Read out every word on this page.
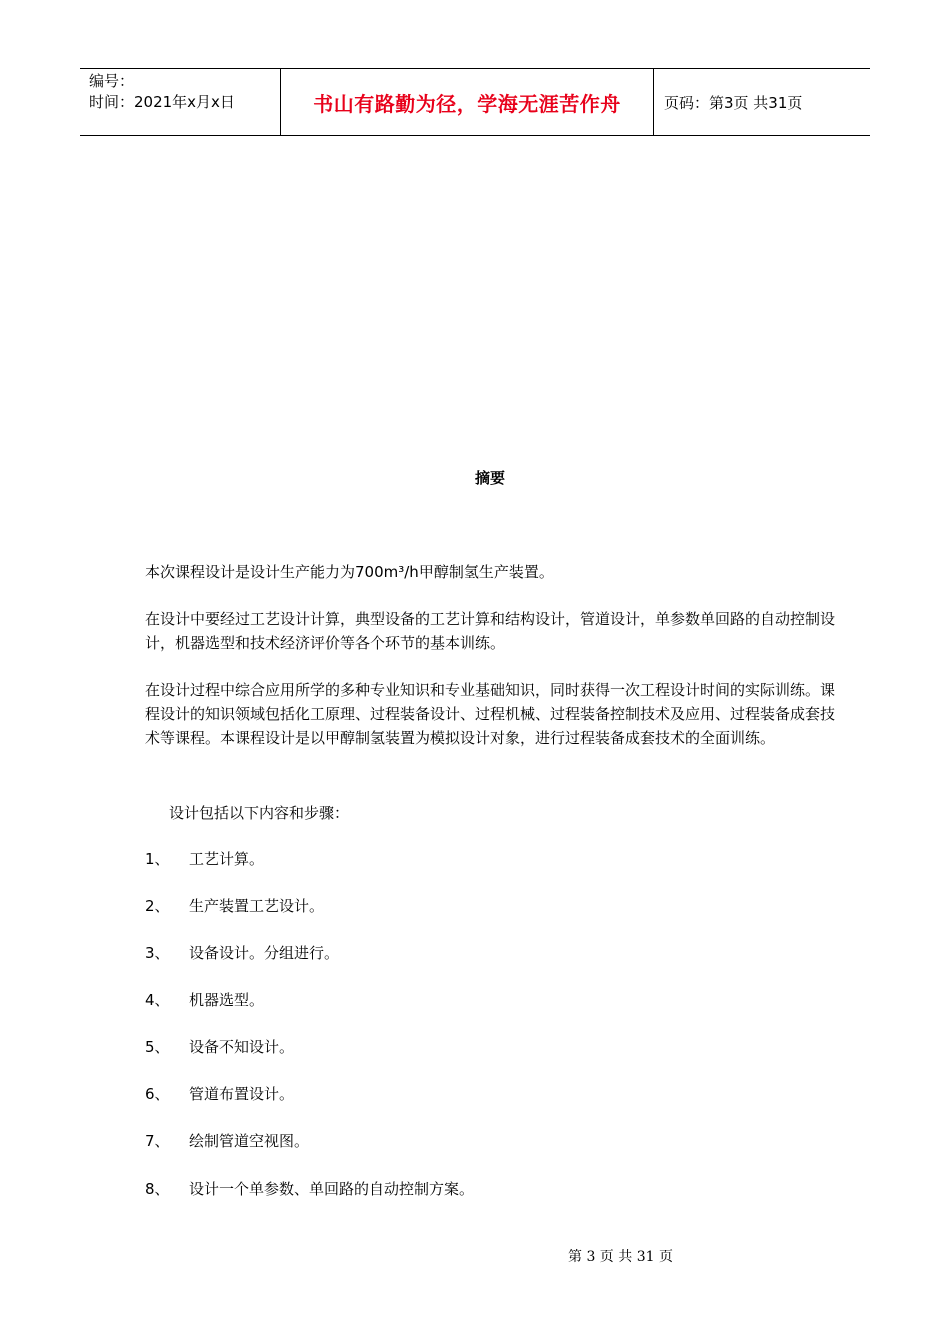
编号：
时间：2021年x月x日	书山有路勤为径，学海无涯苦作舟	页码：第3页 共31页
摘要
本次课程设计是设计生产能力为700m³/h甲醇制氢生产装置。
在设计中要经过工艺设计计算，典型设备的工艺计算和结构设计，管道设计，单参数单回路的自动控制设计，机器选型和技术经济评价等各个环节的基本训练。
在设计过程中综合应用所学的多种专业知识和专业基础知识，同时获得一次工程设计时间的实际训练。课程设计的知识领域包括化工原理、过程装备设计、过程机械、过程装备控制技术及应用、过程装备成套技术等课程。本课程设计是以甲醇制氢装置为模拟设计对象，进行过程装备成套技术的全面训练。
设计包括以下内容和步骤：
1、	工艺计算。
2、	生产装置工艺设计。
3、	设备设计。分组进行。
4、	机器选型。
5、	设备不知设计。
6、	管道布置设计。
7、	绘制管道空视图。
8、	设计一个单参数、单回路的自动控制方案。
第 3 页 共 31 页
